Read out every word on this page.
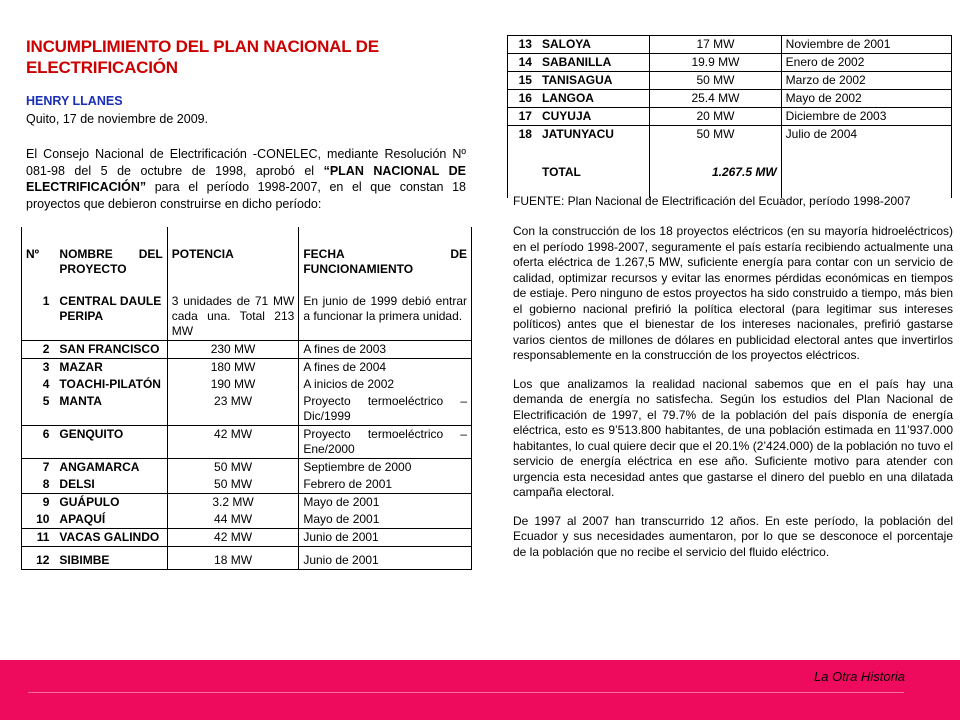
INCUMPLIMIENTO DEL PLAN NACIONAL DE ELECTRIFICACIÓN
HENRY LLANES
Quito, 17 de noviembre de 2009.
El Consejo Nacional de Electrificación -CONELEC, mediante Resolución Nº 081-98 del 5 de octubre de 1998, aprobó el “PLAN NACIONAL DE ELECTRIFICACIÓN” para el período 1998-2007, en el que constan 18 proyectos que debieron construirse en dicho período:
Nº	NOMBRE DEL PROYECTO	POTENCIA	FECHA DE FUNCIONAMIENTO
1	CENTRAL DAULE PERIPA	3 unidades de 71 MW cada una. Total 213 MW	En junio de 1999 debió entrar a funcionar la primera unidad.
2	SAN FRANCISCO	230 MW	A fines de 2003
3	MAZAR	180 MW	A fines de 2004
4	TOACHI-PILATÓN	190 MW	A inicios de 2002
5	MANTA	23 MW	Proyecto termoeléctrico – Dic/1999
6	GENQUITO	42 MW	Proyecto termoeléctrico – Ene/2000
7	ANGAMARCA	50 MW	Septiembre de 2000
8	DELSI	50 MW	Febrero de 2001
9	GUÁPULO	3.2 MW	Mayo de 2001
10	APAQUÍ	44 MW	Mayo de 2001
11	VACAS GALINDO	42 MW	Junio de 2001
12	SIBIMBE	18 MW	Junio de 2001
13	SALOYA	17 MW	Noviembre de 2001
14	SABANILLA	19.9 MW	Enero de 2002
15	TANISAGUA	50 MW	Marzo de 2002
16	LANGOA	25.4 MW	Mayo de 2002
17	CUYUJA	20 MW	Diciembre de 2003
18	JATUNYACU	50 MW	Julio de 2004
	TOTAL	1.267.5 MW	
FUENTE: Plan Nacional de Electrificación del Ecuador, período 1998-2007

Con la construcción de los 18 proyectos eléctricos (en su mayoría hidroeléctricos) en el período 1998-2007, seguramente el país estaría recibiendo actualmente una oferta eléctrica de 1.267,5 MW, suficiente energía para contar con un servicio de calidad, optimizar recursos y evitar las enormes pérdidas económicas en tiempos de estiaje. Pero ninguno de estos proyectos ha sido construido a tiempo, más bien el gobierno nacional prefirió la política electoral (para legitimar sus intereses políticos) antes que el bienestar de los intereses nacionales, prefirió gastarse varios cientos de millones de dólares en publicidad electoral antes que invertirlos responsablemente en la construcción de los proyectos eléctricos.

Los que analizamos la realidad nacional sabemos que en el país hay una demanda de energía no satisfecha. Según los estudios del Plan Nacional de Electrificación de 1997, el 79.7% de la población del país disponía de energía eléctrica, esto es 9’513.800 habitantes, de una población estimada en 11’937.000 habitantes, lo cual quiere decir que el 20.1% (2’424.000) de la población no tuvo el servicio de energía eléctrica en ese año. Suficiente motivo para atender con urgencia esta necesidad antes que gastarse el dinero del pueblo en una dilatada campaña electoral.

De 1997 al 2007 han transcurrido 12 años. En este período, la población del Ecuador y sus necesidades aumentaron, por lo que se desconoce el porcentaje de la población que no recibe el servicio del fluido eléctrico.

La Otra Historia
